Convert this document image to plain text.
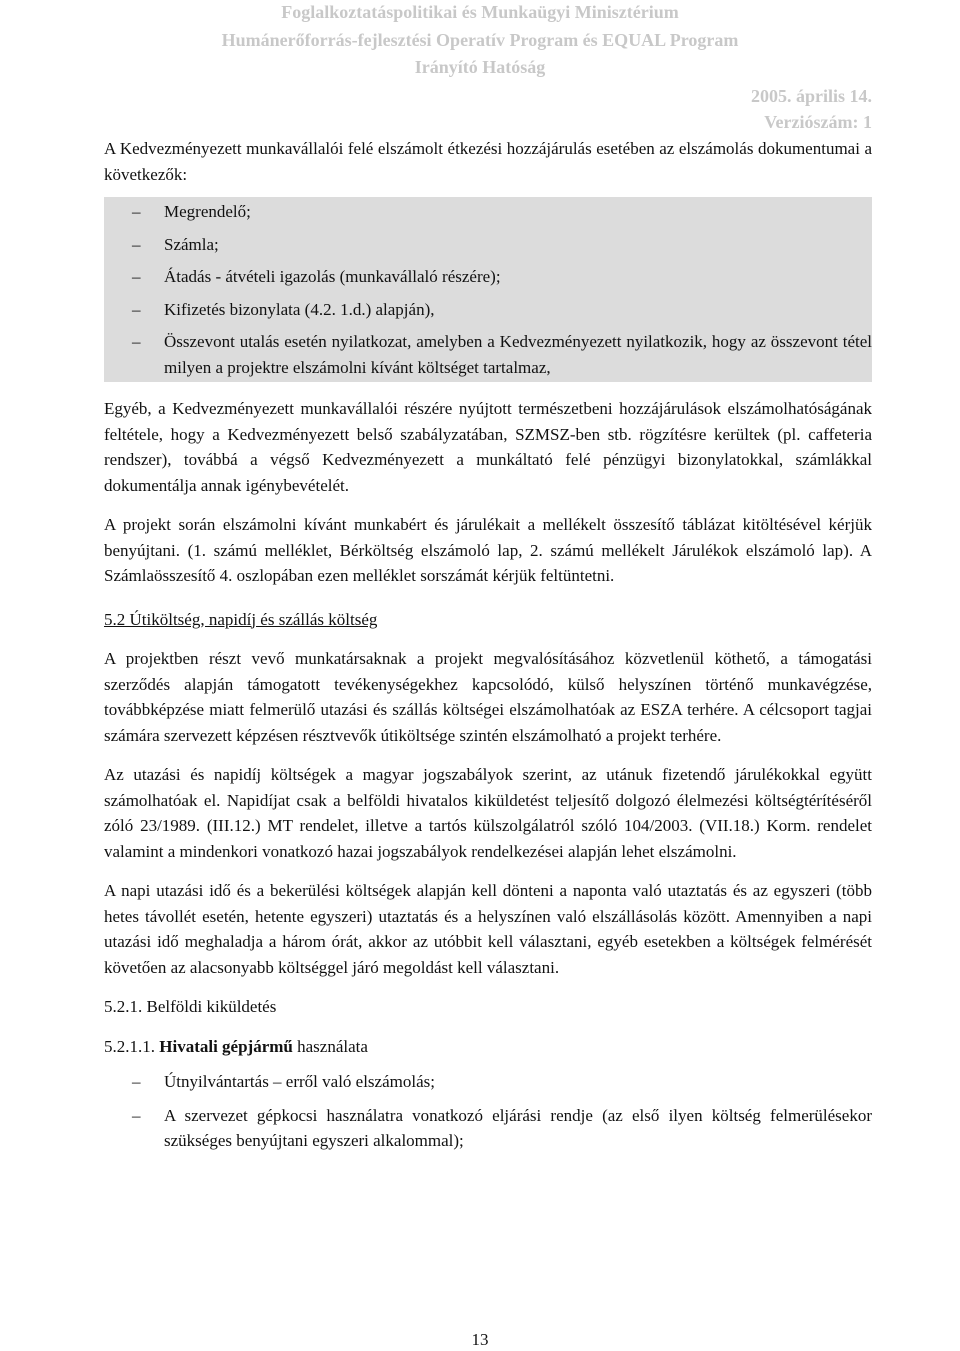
Foglalkoztatáspolitikai és Munkaügyi Minisztérium
Humánerőforrás-fejlesztési Operatív Program és EQUAL Program
Irányító Hatóság
2005. április 14.
Verziószám: 1

A Kedvezményezett munkavállalói felé elszámolt étkezési hozzájárulás esetében az elszámolás dokumentumai a következők:

– Megrendelő;
– Számla;
– Átadás - átvételi igazolás (munkavállaló részére);
– Kifizetés bizonylata (4.2. 1.d.) alapján),
– Összevont utalás esetén nyilatkozat, amelyben a Kedvezményezett nyilatkozik, hogy az összevont tétel milyen a projektre elszámolni kívánt költséget tartalmaz,

Egyéb, a Kedvezményezett munkavállalói részére nyújtott természetbeni hozzájárulások elszámolhatóságának feltétele, hogy a Kedvezményezett belső szabályzatában, SZMSZ-ben stb. rögzítésre kerültek (pl. caffeteria rendszer), továbbá a végső Kedvezményezett a munkáltató felé pénzügyi bizonylatokkal, számlákkal dokumentálja annak igénybevételét.

A projekt során elszámolni kívánt munkabért és járulékait a mellékelt összesítő táblázat kitöltésével kérjük benyújtani. (1. számú melléklet, Bérköltség elszámoló lap, 2. számú mellékelt Járulékok elszámoló lap). A Számlaösszesítő 4. oszlopában ezen melléklet sorszámát kérjük feltüntetni.

5.2 Útiköltség, napidíj és szállás költség

A projektben részt vevő munkatársaknak a projekt megvalósításához közvetlenül köthető, a támogatási szerződés alapján támogatott tevékenységekhez kapcsolódó, külső helyszínen történő munkavégzése, továbbképzése miatt felmerülő utazási és szállás költségei elszámolhatóak az ESZA terhére. A célcsoport tagjai számára szervezett képzésen résztvevők útiköltsége szintén elszámolható a projekt terhére.

Az utazási és napidíj költségek a magyar jogszabályok szerint, az utánuk fizetendő járulékokkal együtt számolhatóak el. Napidíjat csak a belföldi hivatalos kiküldetést teljesítő dolgozó élelmezési költségtérítéséről zóló 23/1989. (III.12.) MT rendelet, illetve a tartós külszolgálatról szóló 104/2003. (VII.18.) Korm. rendelet valamint a mindenkori vonatkozó hazai jogszabályok rendelkezései alapján lehet elszámolni.

A napi utazási idő és a bekerülési költségek alapján kell dönteni a naponta való utaztatás és az egyszeri (több hetes távollét esetén, hetente egyszeri) utaztatás és a helyszínen való elszállásolás között. Amennyiben a napi utazási idő meghaladja a három órát, akkor az utóbbit kell választani, egyéb esetekben a költségek felmérését követően az alacsonyabb költséggel járó megoldást kell választani.

5.2.1. Belföldi kiküldetés

5.2.1.1. Hivatali gépjármű használata

– Útnyilvántartás – erről való elszámolás;
– A szervezet gépkocsi használatra vonatkozó eljárási rendje (az első ilyen költség felmerülésekor szükséges benyújtani egyszeri alkalommal);
13
